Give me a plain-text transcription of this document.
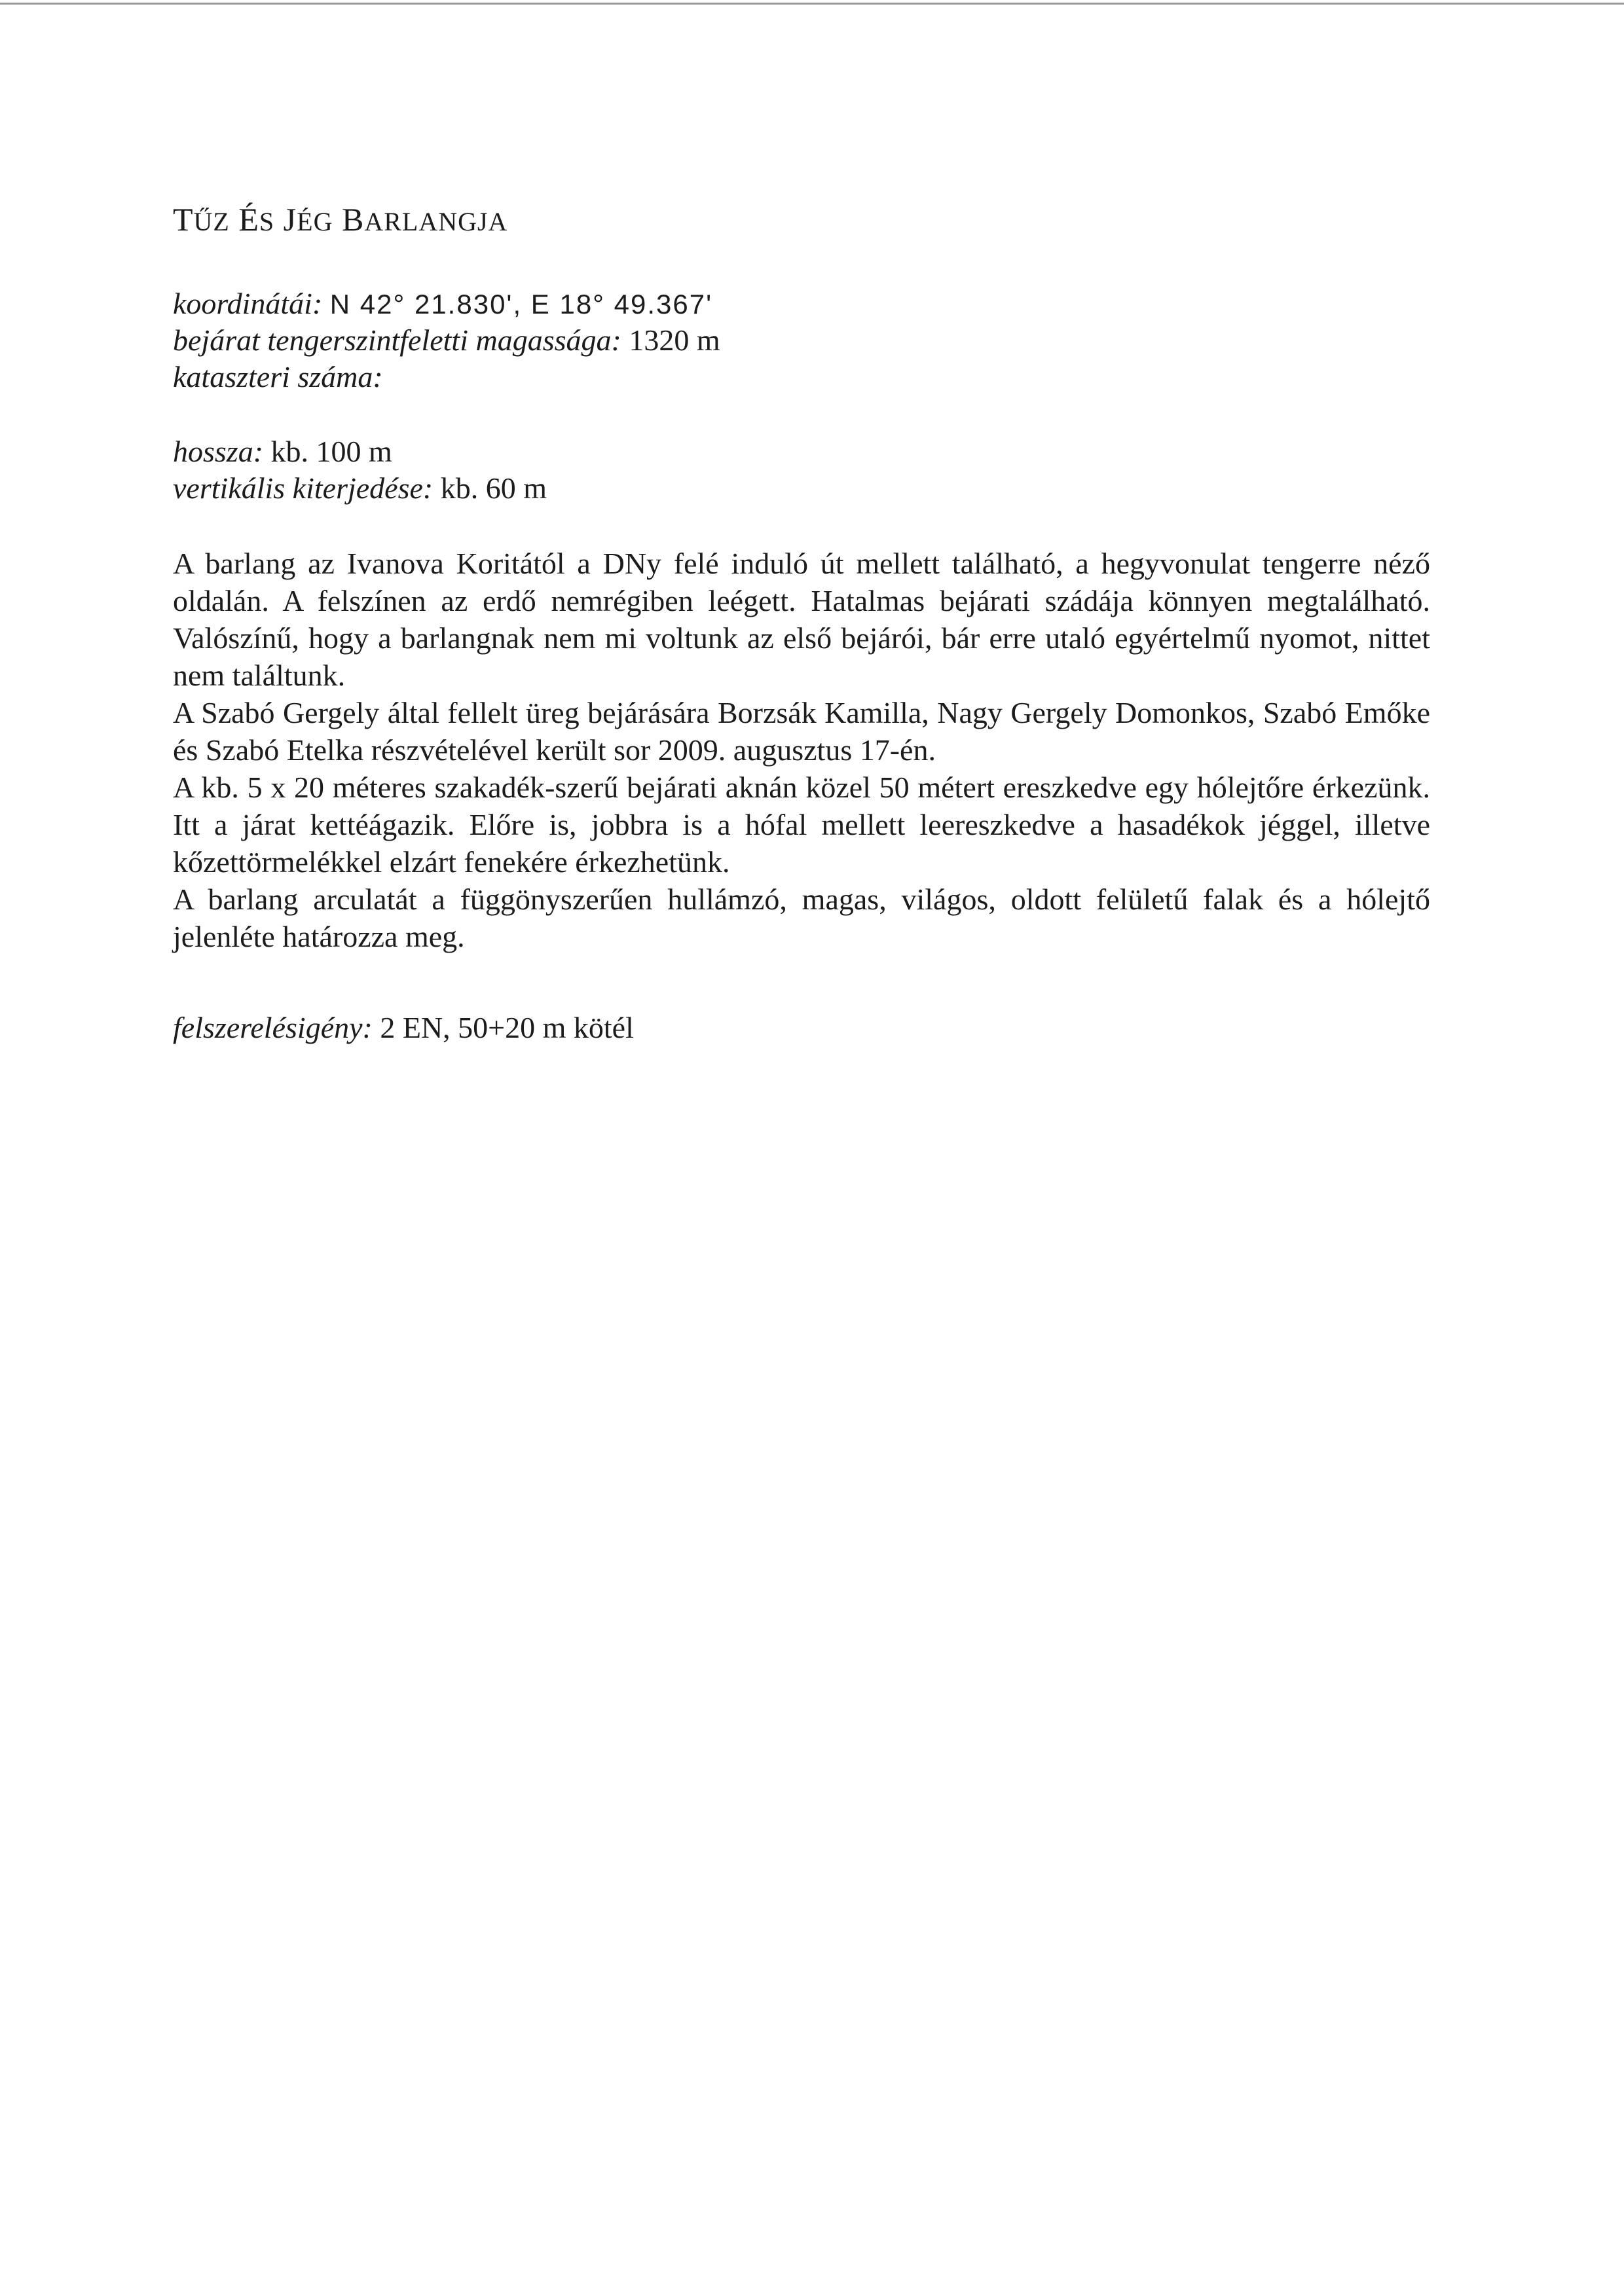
TŰZ ÉS JÉG BARLANGJA
koordinátái: N 42° 21.830', E 18° 49.367'
bejárat tengerszintfeletti magassága: 1320 m
kataszteri száma:
hossza: kb. 100 m
vertikális kiterjedése: kb. 60 m

A barlang az Ivanova Koritától a DNy felé induló út mellett található, a hegyvonulat tengerre néző oldalán. A felszínen az erdő nemrégiben leégett. Hatalmas bejárati szádája könnyen megtalálható. Valószínű, hogy a barlangnak nem mi voltunk az első bejárói, bár erre utaló egyértelmű nyomot, nittet nem találtunk.

A Szabó Gergely által fellelt üreg bejárására Borzsák Kamilla, Nagy Gergely Domonkos, Szabó Emőke és Szabó Etelka részvételével került sor 2009. augusztus 17-én.

A kb. 5 x 20 méteres szakadék-szerű bejárati aknán közel 50 métert ereszkedve egy hólejtőre érkezünk. Itt a járat kettéágazik. Előre is, jobbra is a hófal mellett leereszkedve a hasadékok jéggel, illetve kőzettörmelékkel elzárt fenekére érkezhetünk.

A barlang arculatát a függönyszerűen hullámzó, magas, világos, oldott felületű falak és a hólejtő jelenléte határozza meg.

felszerelésigény: 2 EN, 50+20 m kötél
